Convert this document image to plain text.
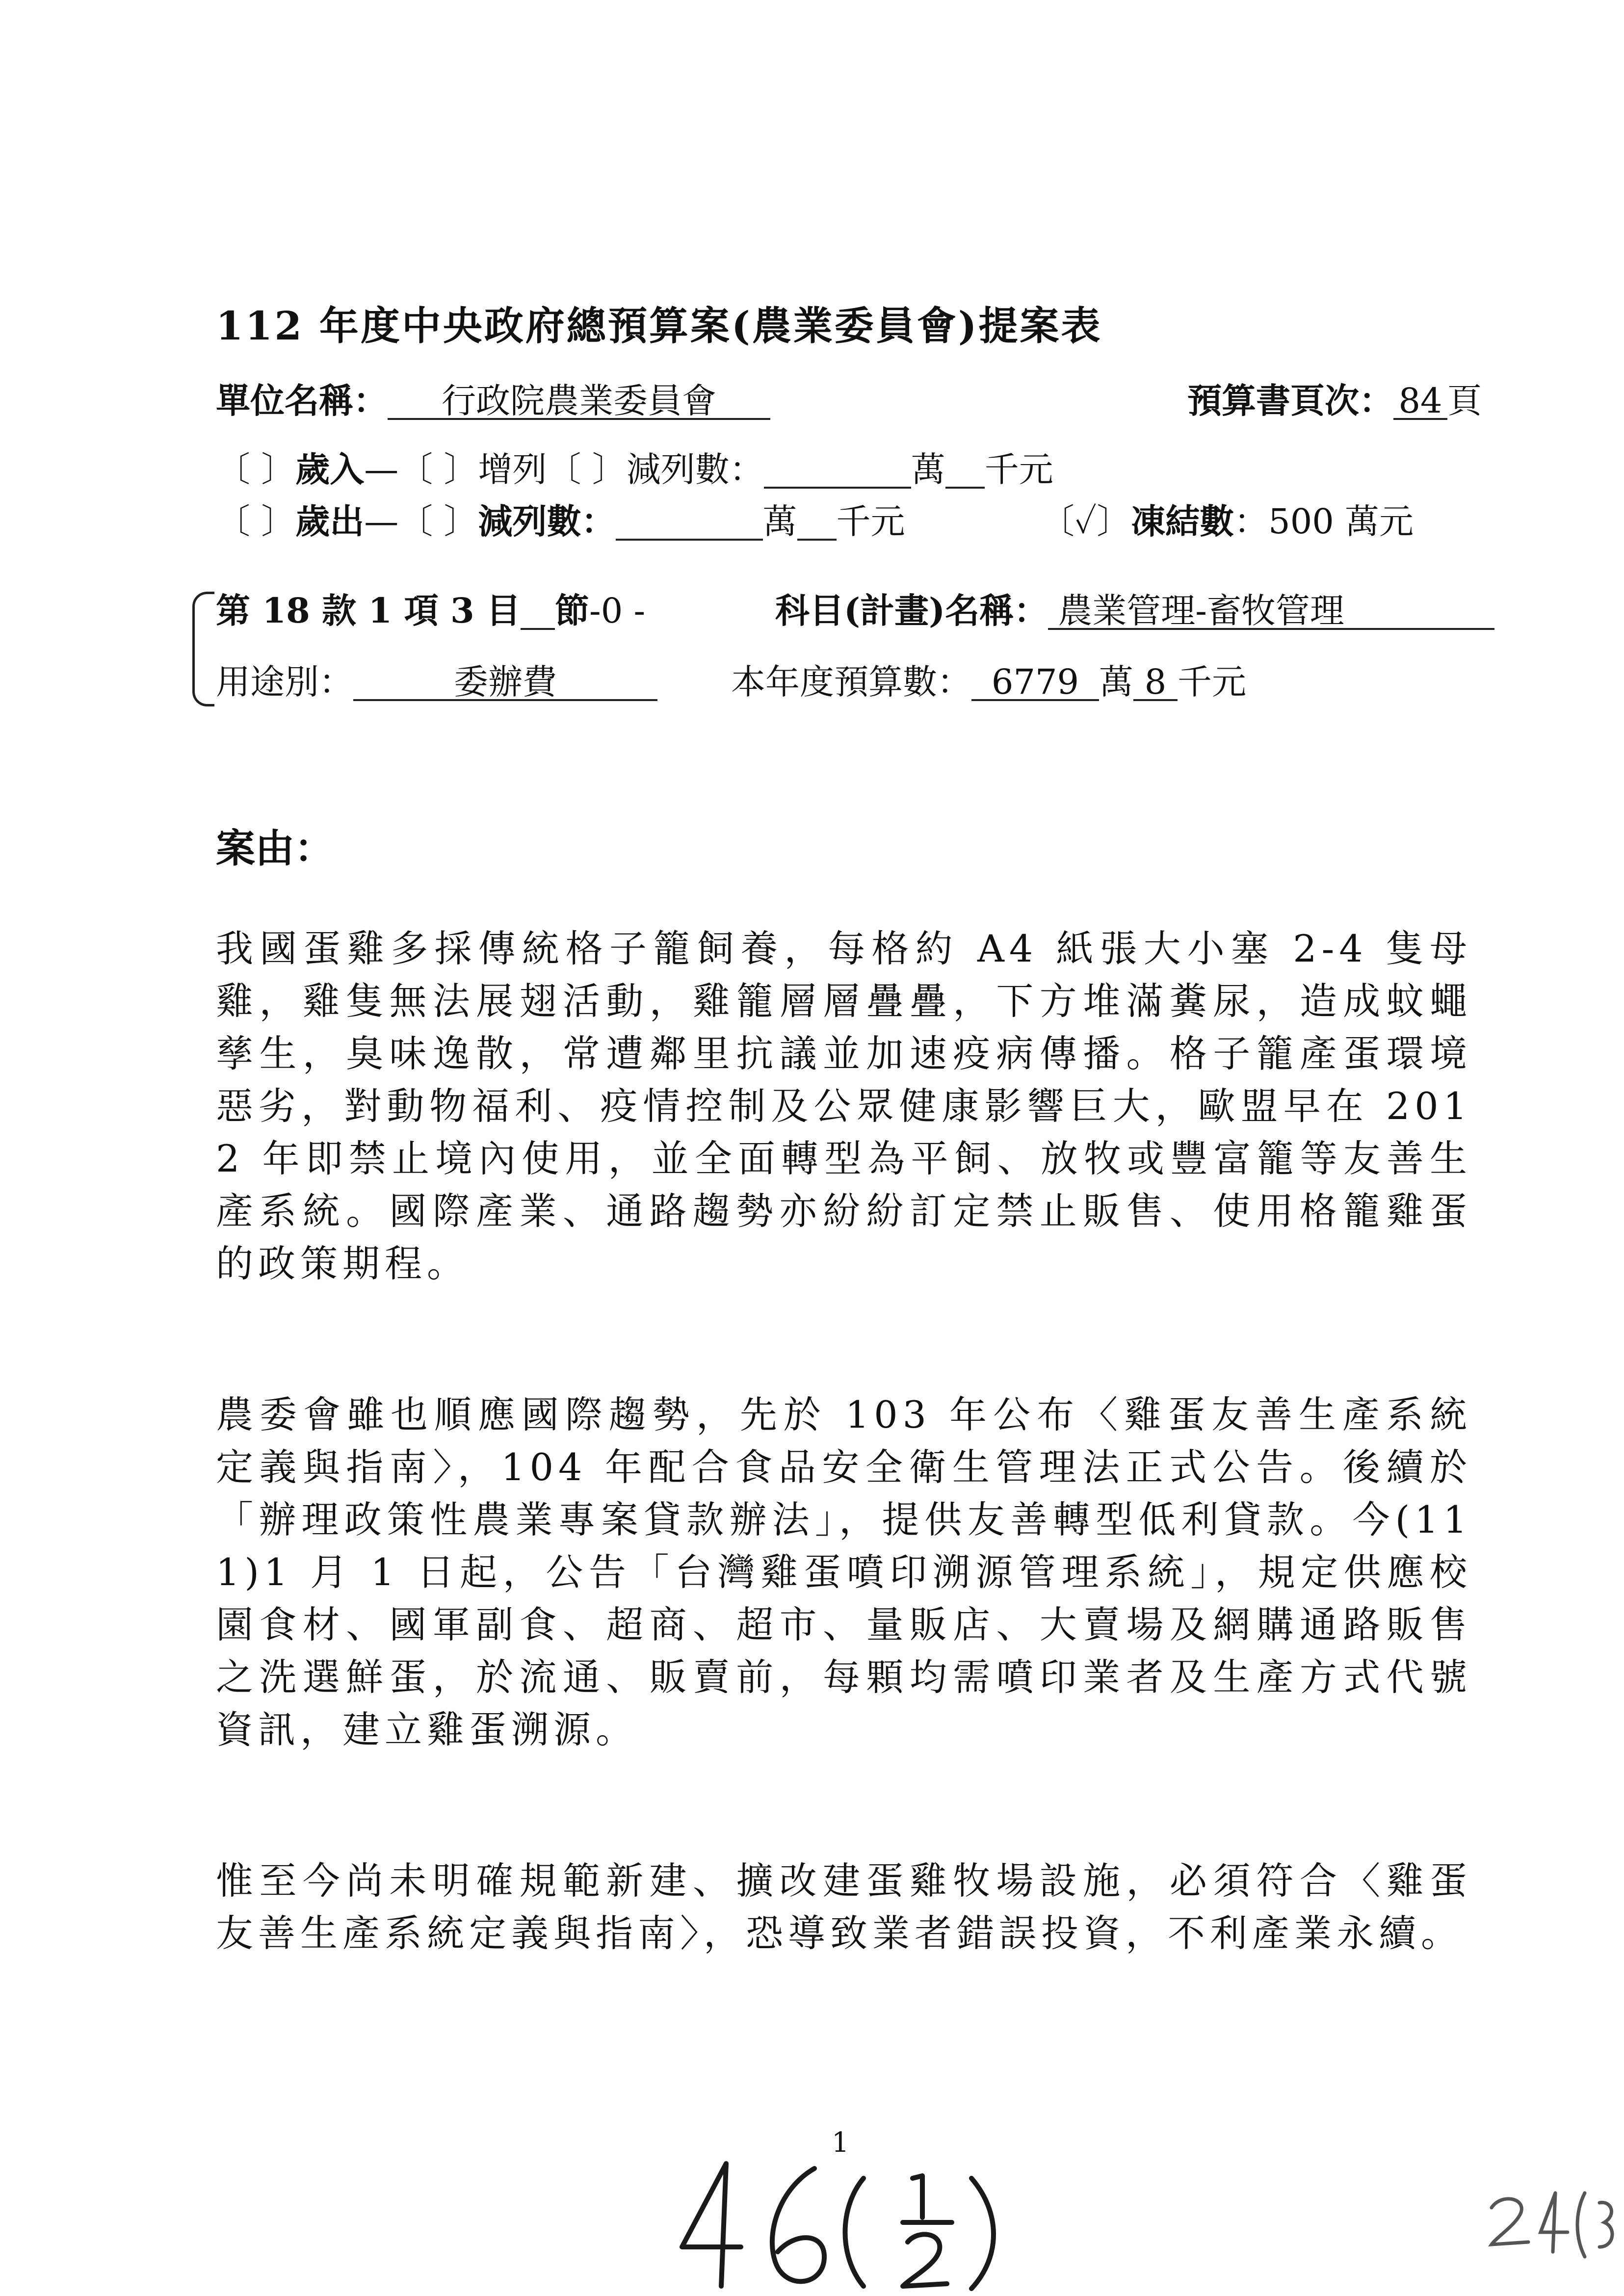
112 年度中央政府總預算案(農業委員會)提案表
單位名稱： 行政院農業委員會	預算書頁次： 84 頁
〔 〕歲入—〔 〕增列〔 〕減列數：	萬 千元
〔 〕歲出—〔 〕減列數：	萬 千元	〔✓〕凍結數：500 萬元
第 18 款 1 項 3 目 節-0 -	科目(計畫)名稱： 農業管理-畜牧管理
用途別：	委辦費	本年度預算數： 6779 萬 8 千元
案由：
我國蛋雞多採傳統格子籠飼養，每格約 A4 紙張大小塞 2-4 隻母雞，雞隻無法展翅活動，雞籠層層疊疊，下方堆滿糞尿，造成蚊蠅孳生，臭味逸散，常遭鄰里抗議並加速疫病傳播。格子籠產蛋環境惡劣，對動物福利、疫情控制及公眾健康影響巨大，歐盟早在 2012 年即禁止境內使用，並全面轉型為平飼、放牧或豐富籠等友善生產系統。國際產業、通路趨勢亦紛紛訂定禁止販售、使用格籠雞蛋的政策期程。
農委會雖也順應國際趨勢，先於 103 年公布〈雞蛋友善生產系統定義與指南〉，104 年配合食品安全衛生管理法正式公告。後續於「辦理政策性農業專案貸款辦法」，提供友善轉型低利貸款。今(111)1 月 1 日起，公告「台灣雞蛋噴印溯源管理系統」，規定供應校園食材、國軍副食、超商、超市、量販店、大賣場及網購通路販售之洗選鮮蛋，於流通、販賣前，每顆均需噴印業者及生產方式代號資訊，建立雞蛋溯源。
惟至今尚未明確規範新建、擴改建蛋雞牧場設施，必須符合〈雞蛋友善生產系統定義與指南〉，恐導致業者錯誤投資，不利產業永續。
1
